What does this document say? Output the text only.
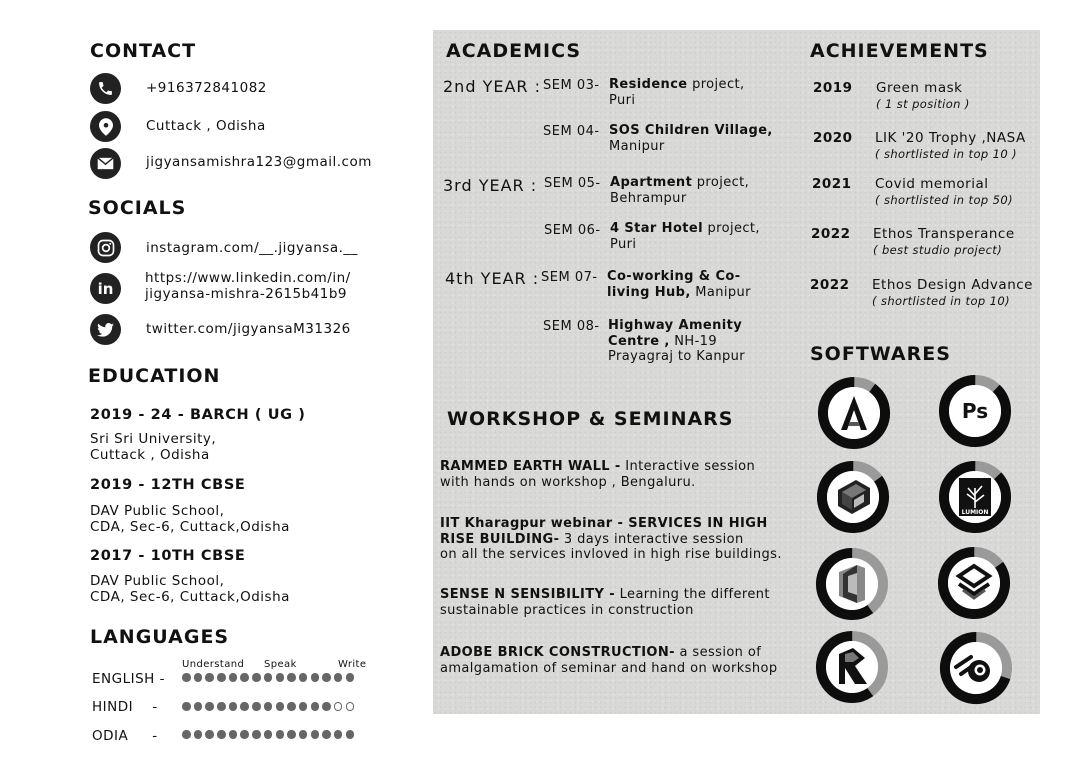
CONTACT
+916372841082
Cuttack , Odisha
jigyansamishra123@gmail.com
SOCIALS
instagram.com/__.jigyansa.__
in
https://www.linkedin.com/in/
jigyansa-mishra-2615b41b9
twitter.com/jigyansaM31326
EDUCATION
2019 - 24 - BARCH ( UG )
Sri Sri University,
Cuttack , Odisha
2019 - 12TH CBSE
DAV Public School,
CDA, Sec-6, Cuttack,Odisha
2017 - 10TH CBSE
DAV Public School,
CDA, Sec-6, Cuttack,Odisha
LANGUAGES
Understand Speak	Write
ENGLISH -
HINDI    -
ODIA     -
ACADEMICS
2nd YEAR :
3rd YEAR :
4th YEAR :
SEM 03- Residence project,
Puri
SEM 04- SOS Children Village,
Manipur
SEM 05- Apartment project,
Behrampur
SEM 06- 4 Star Hotel project,
Puri
SEM 07- Co-working & Co-
living Hub, Manipur
SEM 08- Highway Amenity
Centre , NH-19
Prayagraj to Kanpur
WORKSHOP & SEMINARS
RAMMED EARTH WALL - Interactive session
with hands on workshop , Bengaluru.
IIT Kharagpur webinar - SERVICES IN HIGH
RISE BUILDING- 3 days interactive session
on all the services invloved in high rise buildings.
SENSE N SENSIBILITY - Learning the different
sustainable practices in construction
ADOBE BRICK CONSTRUCTION- a session of
amalgamation of seminar and hand on workshop
ACHIEVEMENTS
2019 Green mask
( 1 st position )
2020 LIK '20 Trophy ,NASA
( shortlisted in top 10 )
2021 Covid memorial
( shortlisted in top 50)
2022 Ethos Transperance
( best studio project)
2022 Ethos Design Advance
( shortlisted in top 10)
SOFTWARES
Ps
LUMION
